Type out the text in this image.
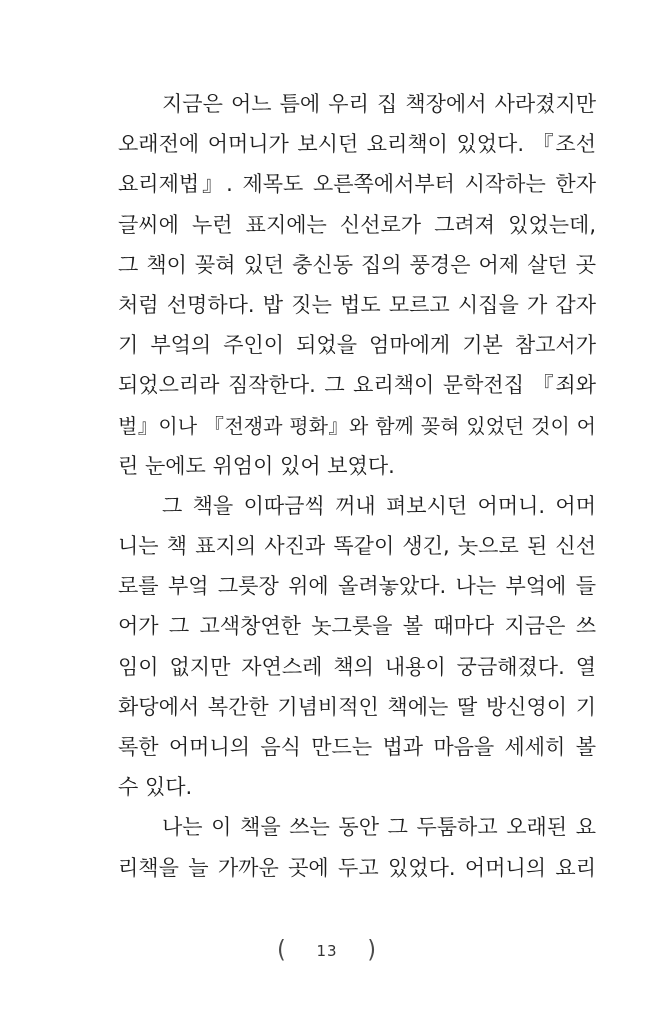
지금은 어느 틈에 우리 집 책장에서 사라졌지만
오래전에 어머니가 보시던 요리책이 있었다. 『조선
요리제법』. 제목도 오른쪽에서부터 시작하는 한자
글씨에 누런 표지에는 신선로가 그려져 있었는데,
그 책이 꽂혀 있던 충신동 집의 풍경은 어제 살던 곳
처럼 선명하다. 밥 짓는 법도 모르고 시집을 가 갑자
기 부엌의 주인이 되었을 엄마에게 기본 참고서가
되었으리라 짐작한다. 그 요리책이 문학전집 『죄와
벌』이나 『전쟁과 평화』와 함께 꽂혀 있었던 것이 어
린 눈에도 위엄이 있어 보였다.
그 책을 이따금씩 꺼내 펴보시던 어머니. 어머
니는 책 표지의 사진과 똑같이 생긴, 놋으로 된 신선
로를 부엌 그릇장 위에 올려놓았다. 나는 부엌에 들
어가 그 고색창연한 놋그릇을 볼 때마다 지금은 쓰
임이 없지만 자연스레 책의 내용이 궁금해졌다. 열
화당에서 복간한 기념비적인 책에는 딸 방신영이 기
록한 어머니의 음식 만드는 법과 마음을 세세히 볼
수 있다.
나는 이 책을 쓰는 동안 그 두툼하고 오래된 요
리책을 늘 가까운 곳에 두고 있었다. 어머니의 요리
( 13 )
